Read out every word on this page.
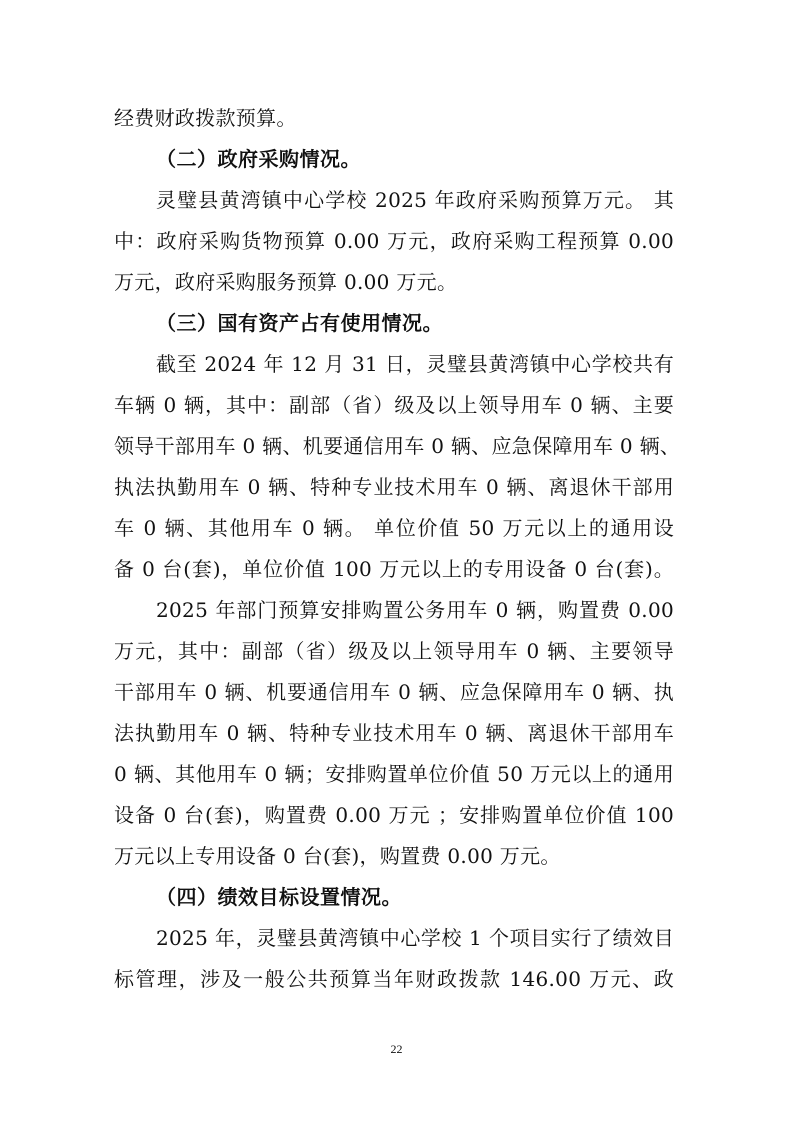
经费财政拨款预算。
（二）政府采购情况。
灵璧县黄湾镇中心学校 2025 年政府采购预算万元。 其
中：政府采购货物预算 0.00 万元，政府采购工程预算 0.00
万元，政府采购服务预算 0.00 万元。
（三）国有资产占有使用情况。
截至 2024 年 12 月 31 日，灵璧县黄湾镇中心学校共有
车辆 0 辆，其中：副部（省）级及以上领导用车 0 辆、主要
领导干部用车 0 辆、机要通信用车 0 辆、应急保障用车 0 辆、
执法执勤用车 0 辆、特种专业技术用车 0 辆、离退休干部用
车 0 辆、其他用车 0 辆。 单位价值 50 万元以上的通用设
备 0 台(套)，单位价值 100 万元以上的专用设备 0 台(套)。
2025 年部门预算安排购置公务用车 0 辆，购置费 0.00
万元，其中：副部（省）级及以上领导用车 0 辆、主要领导
干部用车 0 辆、机要通信用车 0 辆、应急保障用车 0 辆、执
法执勤用车 0 辆、特种专业技术用车 0 辆、离退休干部用车
0 辆、其他用车 0 辆；安排购置单位价值 50 万元以上的通用
设备 0 台(套)，购置费 0.00 万元 ；安排购置单位价值 100
万元以上专用设备 0 台(套)，购置费 0.00 万元。
（四）绩效目标设置情况。
2025 年，灵璧县黄湾镇中心学校 1 个项目实行了绩效目
标管理，涉及一般公共预算当年财政拨款 146.00 万元、政
22
